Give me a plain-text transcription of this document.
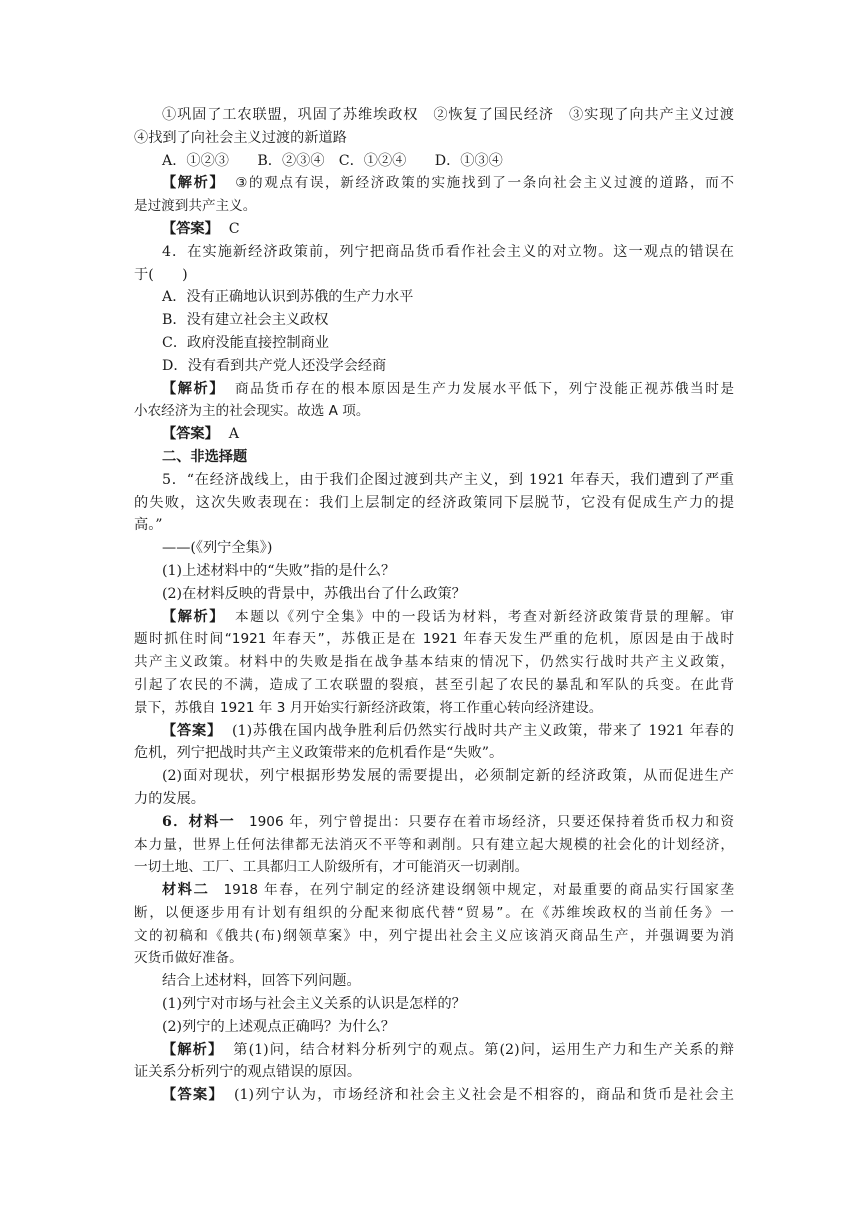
①巩固了工农联盟，巩固了苏维埃政权　②恢复了国民经济　③实现了向共产主义过渡
④找到了向社会主义过渡的新道路
A．①②③　　B．②③④　C．①②④　　D．①③④
【解析】 ③的观点有误，新经济政策的实施找到了一条向社会主义过渡的道路，而不
是过渡到共产主义。
【答案】 C
4．在实施新经济政策前，列宁把商品货币看作社会主义的对立物。这一观点的错误在
于(　　)
A．没有正确地认识到苏俄的生产力水平
B．没有建立社会主义政权
C．政府没能直接控制商业
D．没有看到共产党人还没学会经商
【解析】 商品货币存在的根本原因是生产力发展水平低下，列宁没能正视苏俄当时是
小农经济为主的社会现实。故选 A 项。
【答案】 A
二、非选择题
5．“在经济战线上，由于我们企图过渡到共产主义，到 1921 年春天，我们遭到了严重
的失败，这次失败表现在：我们上层制定的经济政策同下层脱节，它没有促成生产力的提
高。”
——(《列宁全集》)
(1)上述材料中的“失败”指的是什么？
(2)在材料反映的背景中，苏俄出台了什么政策？
【解析】 本题以《列宁全集》中的一段话为材料，考查对新经济政策背景的理解。审
题时抓住时间“1921 年春天”，苏俄正是在 1921 年春天发生严重的危机，原因是由于战时
共产主义政策。材料中的失败是指在战争基本结束的情况下，仍然实行战时共产主义政策，
引起了农民的不满，造成了工农联盟的裂痕，甚至引起了农民的暴乱和军队的兵变。在此背
景下，苏俄自 1921 年 3 月开始实行新经济政策，将工作重心转向经济建设。
【答案】 (1)苏俄在国内战争胜利后仍然实行战时共产主义政策，带来了 1921 年春的
危机，列宁把战时共产主义政策带来的危机看作是“失败”。
(2)面对现状，列宁根据形势发展的需要提出，必须制定新的经济政策，从而促进生产
力的发展。
6．材料一 1906 年，列宁曾提出：只要存在着市场经济，只要还保持着货币权力和资
本力量，世界上任何法律都无法消灭不平等和剥削。只有建立起大规模的社会化的计划经济，
一切土地、工厂、工具都归工人阶级所有，才可能消灭一切剥削。
材料二 1918 年春，在列宁制定的经济建设纲领中规定，对最重要的商品实行国家垄
断，以便逐步用有计划有组织的分配来彻底代替“贸易”。在《苏维埃政权的当前任务》一
文的初稿和《俄共(布)纲领草案》中，列宁提出社会主义应该消灭商品生产，并强调要为消
灭货币做好准备。
结合上述材料，回答下列问题。
(1)列宁对市场与社会主义关系的认识是怎样的？
(2)列宁的上述观点正确吗？为什么？
【解析】 第(1)问，结合材料分析列宁的观点。第(2)问，运用生产力和生产关系的辩
证关系分析列宁的观点错误的原因。
【答案】 (1)列宁认为，市场经济和社会主义社会是不相容的，商品和货币是社会主
